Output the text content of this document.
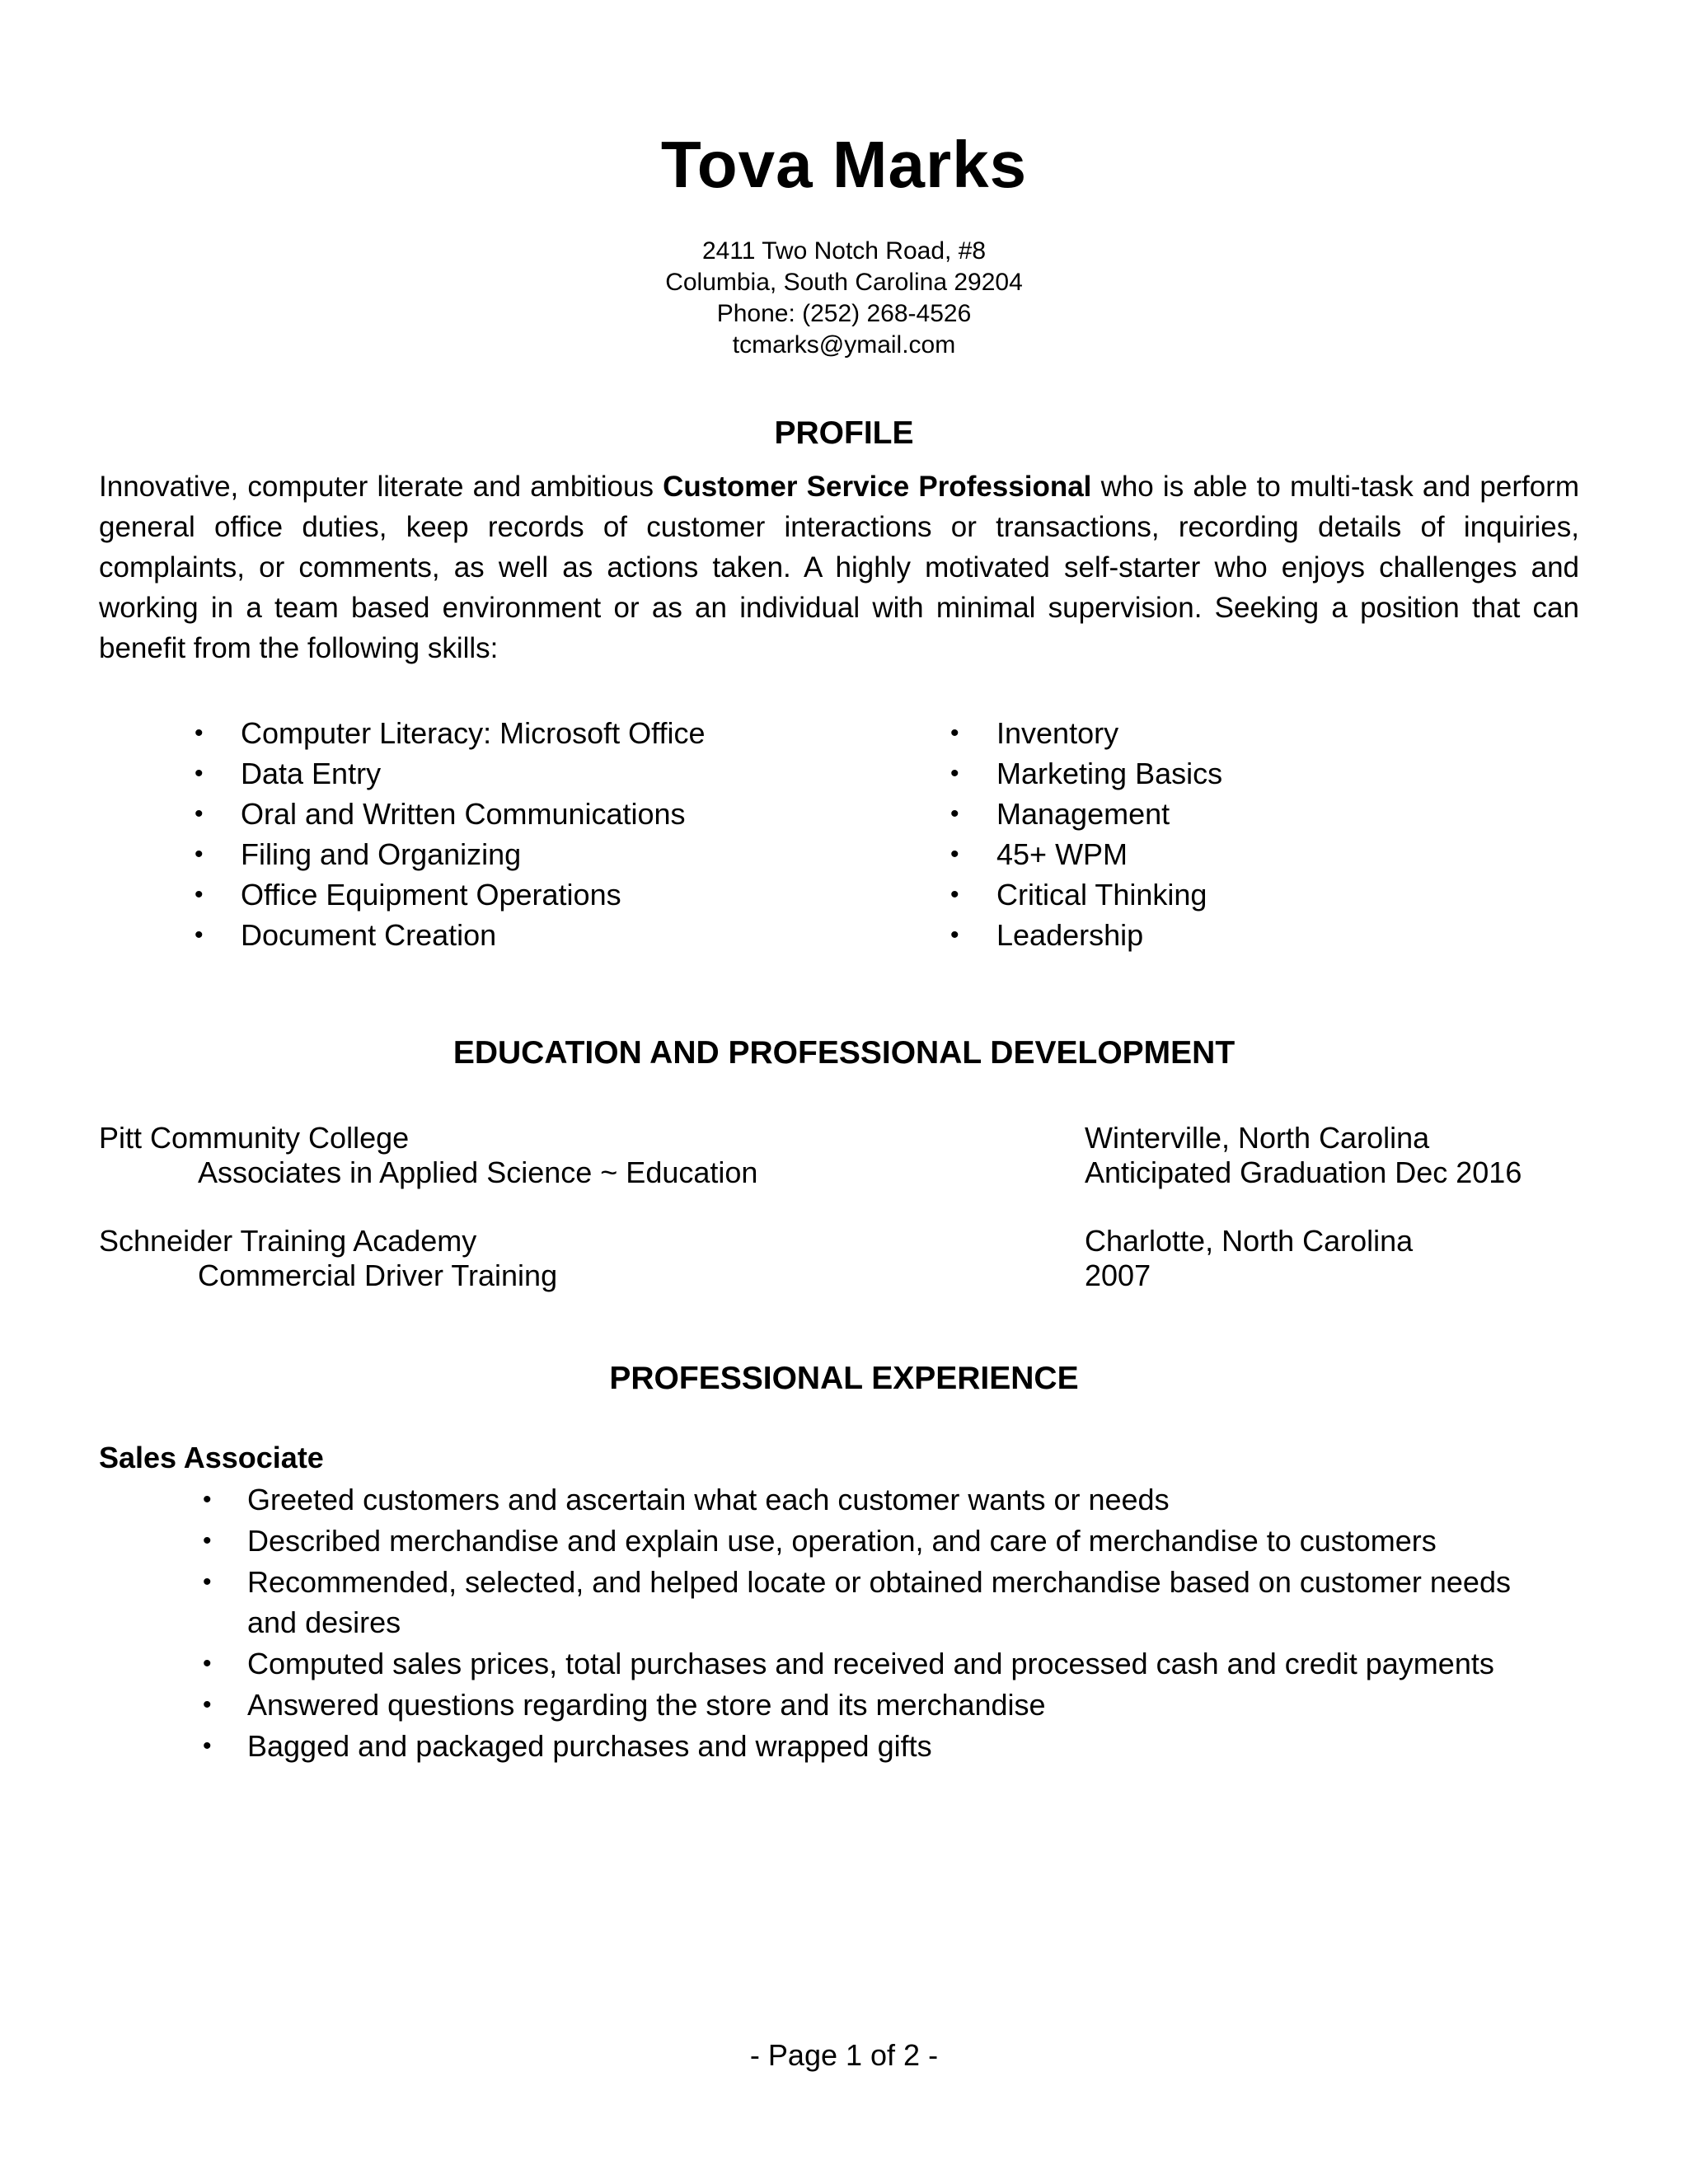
Tova Marks
2411 Two Notch Road, #8
Columbia, South Carolina 29204
Phone: (252) 268-4526
tcmarks@ymail.com
PROFILE
Innovative, computer literate and ambitious Customer Service Professional who is able to multi-task and perform general office duties, keep records of customer interactions or transactions, recording details of inquiries, complaints, or comments, as well as actions taken. A highly motivated self-starter who enjoys challenges and working in a team based environment or as an individual with minimal supervision. Seeking a position that can benefit from the following skills:
• Computer Literacy: Microsoft Office
• Data Entry
• Oral and Written Communications
• Filing and Organizing
• Office Equipment Operations
• Document Creation
• Inventory
• Marketing Basics
• Management
• 45+ WPM
• Critical Thinking
• Leadership
EDUCATION AND PROFESSIONAL DEVELOPMENT
Pitt Community College	Winterville, North Carolina
Associates in Applied Science ~ Education	Anticipated Graduation Dec 2016
Schneider Training Academy	Charlotte, North Carolina
Commercial Driver Training	2007
PROFESSIONAL EXPERIENCE
Sales Associate
• Greeted customers and ascertain what each customer wants or needs
• Described merchandise and explain use, operation, and care of merchandise to customers
• Recommended, selected, and helped locate or obtained merchandise based on customer needs and desires
• Computed sales prices, total purchases and received and processed cash and credit payments
• Answered questions regarding the store and its merchandise
• Bagged and packaged purchases and wrapped gifts
- Page 1 of 2 -
